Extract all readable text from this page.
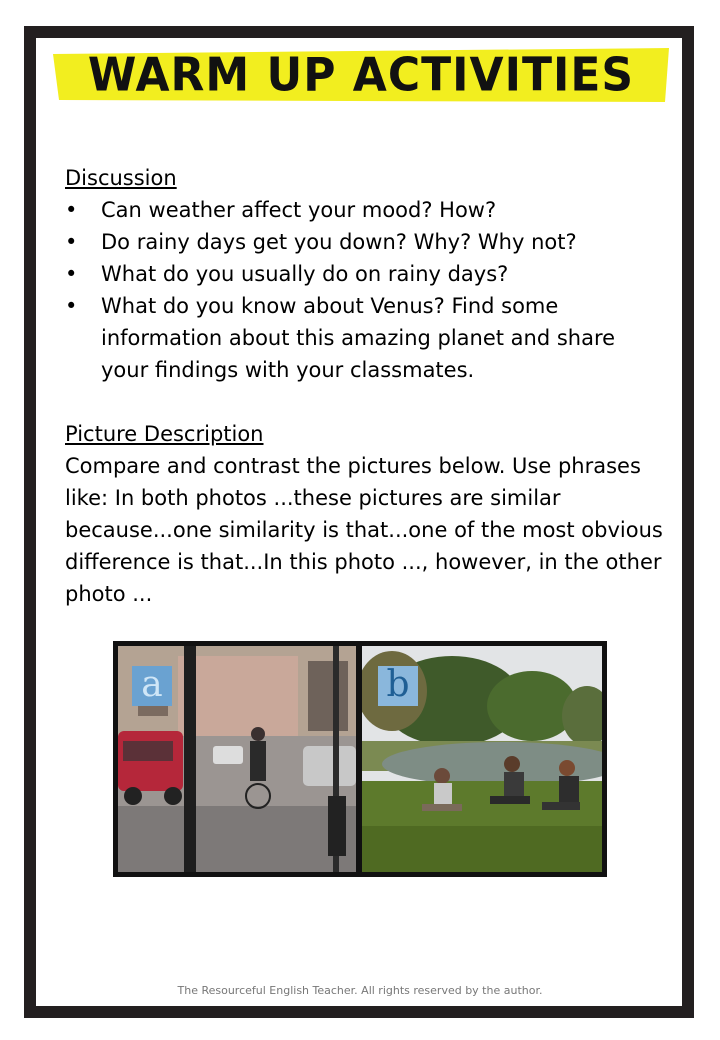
WARM UP ACTIVITIES
Discussion
• Can weather affect your mood? How?
• Do rainy days get you down? Why? Why not?
• What do you usually do on rainy days?
• What do you know about Venus? Find some information about this amazing planet and share your findings with your classmates.
Picture Description
Compare and contrast the pictures below. Use phrases like: In both photos ...these pictures are similar because...one similarity is that...one of the most obvious difference is that...In this photo ..., however, in the other photo ...
a	b
The Resourceful English Teacher. All rights reserved by the author.
